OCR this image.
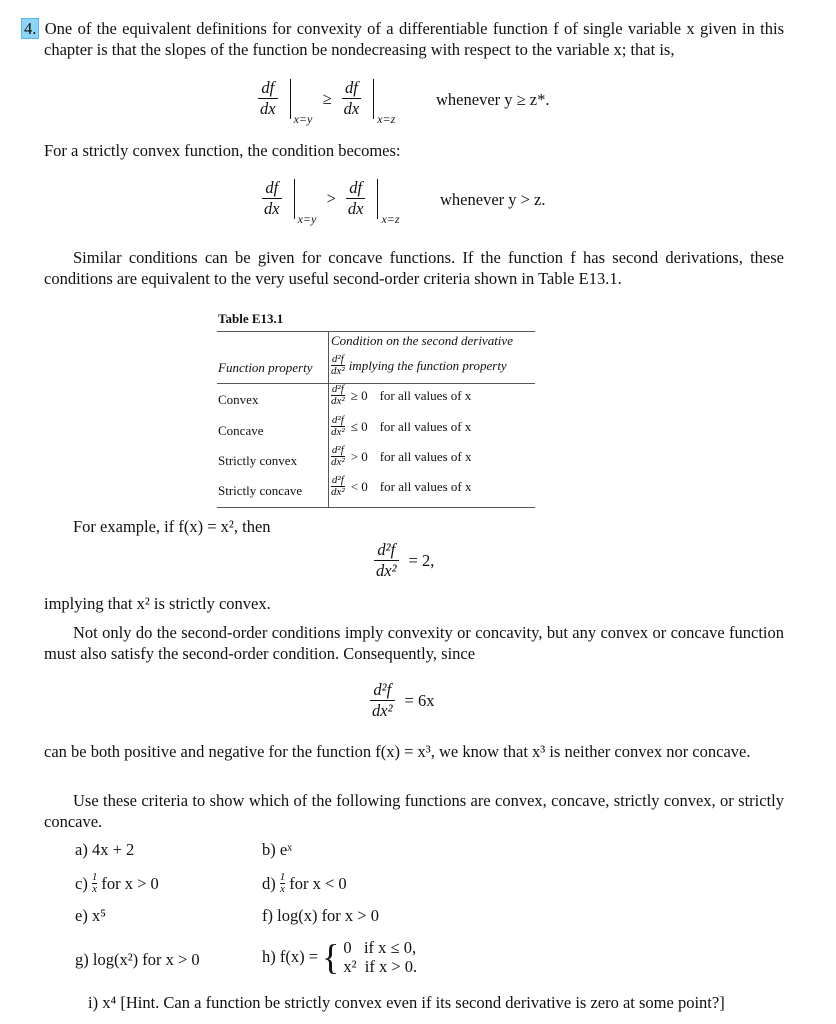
4. One of the equivalent definitions for convexity of a differentiable function f of single variable x given in this chapter is that the slopes of the function be nondecreasing with respect to the variable x; that is,
$\frac{df}{dx} x=y$
≥ $\frac{df}{dx} x=z$
whenever y ≥ z*.
For a strictly convex function, the condition becomes:
$\frac{df}{dx} x=y$
> $\frac{df}{dx} x=z$
whenever y > z.
Similar conditions can be given for concave functions. If the function f has second derivations, these conditions are equivalent to the very useful second-order criteria shown in Table E13.1.
Table E13.1
Condition on the second derivative
Function property $\frac{\text{d²f}}{\text{dx²}}$ implying the function property
Convex	$\frac{\text{d²f}}{\text{dx²}} \ge 0$ for all values of x
Concave	$\frac{\text{d²f}}{\text{dx²}} \le 0$ for all values of x
Strictly convex	$\frac{\text{d²f}}{\text{dx²}} > 0$ for all values of x
Strictly concave	$\frac{\text{d²f}}{\text{dx²}} < 0$ for all values of x
For example, if f(x) = x², then
$\frac{\text{d²f}}{\text{dx²}} = 2$,
implying that x² is strictly convex.
Not only do the second-order conditions imply convexity or concavity, but any convex or concave function must also satisfy the second-order condition. Consequently, since
$\frac{\text{d²f}}{\text{dx²}} = 6x$
can be both positive and negative for the function f(x) = x³, we know that x³ is neither convex nor concave.
Use these criteria to show which of the following functions are convex, concave, strictly convex, or strictly concave.
a) 4x + 2	b) eˣ
$c) \frac{1}{x}$ for x > 0	$d) \frac{1}{x}$ for x < 0
e) x⁵	f) log(x) for x > 0
g) log(x²) for x > 0	h) f(x) = { 0   if x ≤ 0,
x²  if x > 0.
i) x⁴ [Hint. Can a function be strictly convex even if its second derivative is zero at some point?]
